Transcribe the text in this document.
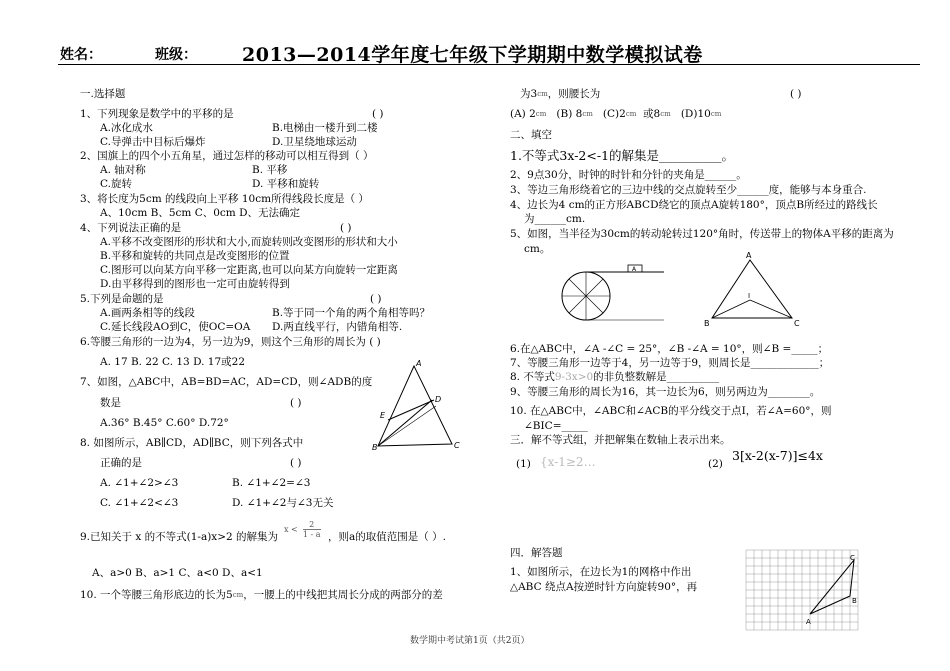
姓名：	班级： 2013—2014学年度七年级下学期期中数学模拟试卷
一.选择题
1、下列现象是数学中的平移的是	( )
A.冰化成水	B.电梯由一楼升到二楼
C.导弹击中目标后爆炸	D.卫星绕地球运动
2、国旗上的四个小五角星，通过怎样的移动可以相互得到（ ）
A. 轴对称	B. 平移
C.旋转	D. 平移和旋转
3、将长度为5cm 的线段向上平移 10cm所得线段长度是（ ）
A、10cm B、5cm C、0cm D、无法确定
4、下列说法正确的是	( )
A.平移不改变图形的形状和大小,而旋转则改变图形的形状和大小
B.平移和旋转的共同点是改变图形的位置
C.图形可以向某方向平移一定距离,也可以向某方向旋转一定距离
D.由平移得到的图形也一定可由旋转得到
5.下列是命题的是	( )
A.画两条相等的线段	B.等于同一个角的两个角相等吗？
C.延长线段AO到C，使OC=OA D.两直线平行，内错角相等.
6.等腰三角形的一边为4，另一边为9，则这个三角形的周长为 ( )
A. 17 B. 22 C. 13 D. 17或22
7、如图，△ABC中，AB=BD=AC，AD=CD，则∠ADB的度
数是	( )
A.36° B.45° C.60° D.72°
A
B	C
D
E
8. 如图所示，AB∥CD，AD∥BC，则下列各式中
正确的是	( )
A. ∠1+∠2>∠3	B. ∠1+∠2=∠3
C. ∠1+∠2<∠3	D. ∠1+∠2与∠3无关
9.已知关于 x 的不等式(1-a)x>2 的解集为
$x < \frac{2}{1 - a}$ ，则a的取值范围是（ ）.
A、a>0 B、a>1 C、a<0 D、a<1
10. 一个等腰三角形底边的长为$5^{cm}$，一腰上的中线把其周长分成的两部分的差
为$3^{cm}$，则腰长为	( )
(A) $2^{cm}$ (B) $8^{cm}$ $(C)2^{cm}$ 或$8^{cm}$ $(D)10^{cm}$
二、填空
1.不等式3x-2<-1的解集是__________。
2、9点30分，时钟的时针和分针的夹角是______。
3、等边三角形绕着它的三边中线的交点旋转至少______度，能够与本身重合.
4、边长为4 cm的正方形ABCD绕它的顶点A旋转180°，顶点B所经过的路线长
为______cm.
5、如图，当半径为30cm的转动轮转过120°角时，传送带上的物体A平移的距离为
cm。
A
A
B	C
I
6.在△ABC中，∠A -∠C = 25°，∠B -∠A = 10°，则∠B =_____；
7、等腰三角形一边等于4，另一边等于9，则周长是_____________；
8. 不等式9-3x>0的非负整数解是__________
9、等腰三角形的周长为16，其一边长为6，则另两边为________。
10. 在△ABC中，∠ABC和∠ACB的平分线交于点I，若∠A=60°，则
∠BIC=_____
三．解不等式组，并把解集在数轴上表示出来。
(1) {x-1≥2…	(2)
3[x-2(x-7)]≤4x
四．解答题
1、如图所示，在边长为1的网格中作出
△ABC 绕点A按逆时针方向旋转90°，再
A
B
C
数学期中考试第1页（共2页）
